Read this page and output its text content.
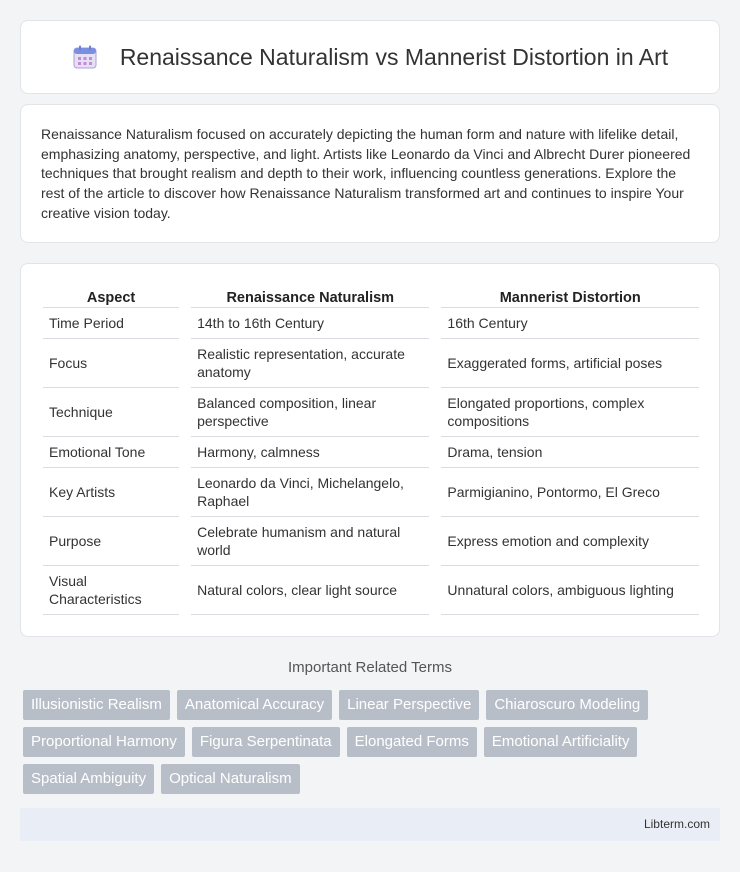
Renaissance Naturalism vs Mannerist Distortion in Art

Renaissance Naturalism focused on accurately depicting the human form and nature with lifelike detail, emphasizing anatomy, perspective, and light. Artists like Leonardo da Vinci and Albrecht Durer pioneered techniques that brought realism and depth to their work, influencing countless generations. Explore the rest of the article to discover how Renaissance Naturalism transformed art and continues to inspire Your creative vision today.

Aspect		Renaissance Naturalism		Mannerist Distortion
Time Period		14th to 16th Century		16th Century
Focus		Realistic representation, accurate anatomy		Exaggerated forms, artificial poses
Technique		Balanced composition, linear perspective		Elongated proportions, complex compositions
Emotional Tone		Harmony, calmness		Drama, tension
Key Artists		Leonardo da Vinci, Michelangelo, Raphael		Parmigianino, Pontormo, El Greco
Purpose		Celebrate humanism and natural world		Express emotion and complexity
Visual Characteristics		Natural colors, clear light source		Unnatural colors, ambiguous lighting
Important Related Terms
Illusionistic Realism	Anatomical Accuracy	Linear Perspective	Chiaroscuro Modeling
Proportional Harmony	Figura Serpentinata	Elongated Forms	Emotional Artificiality
Spatial Ambiguity	Optical Naturalism
Libterm.com
